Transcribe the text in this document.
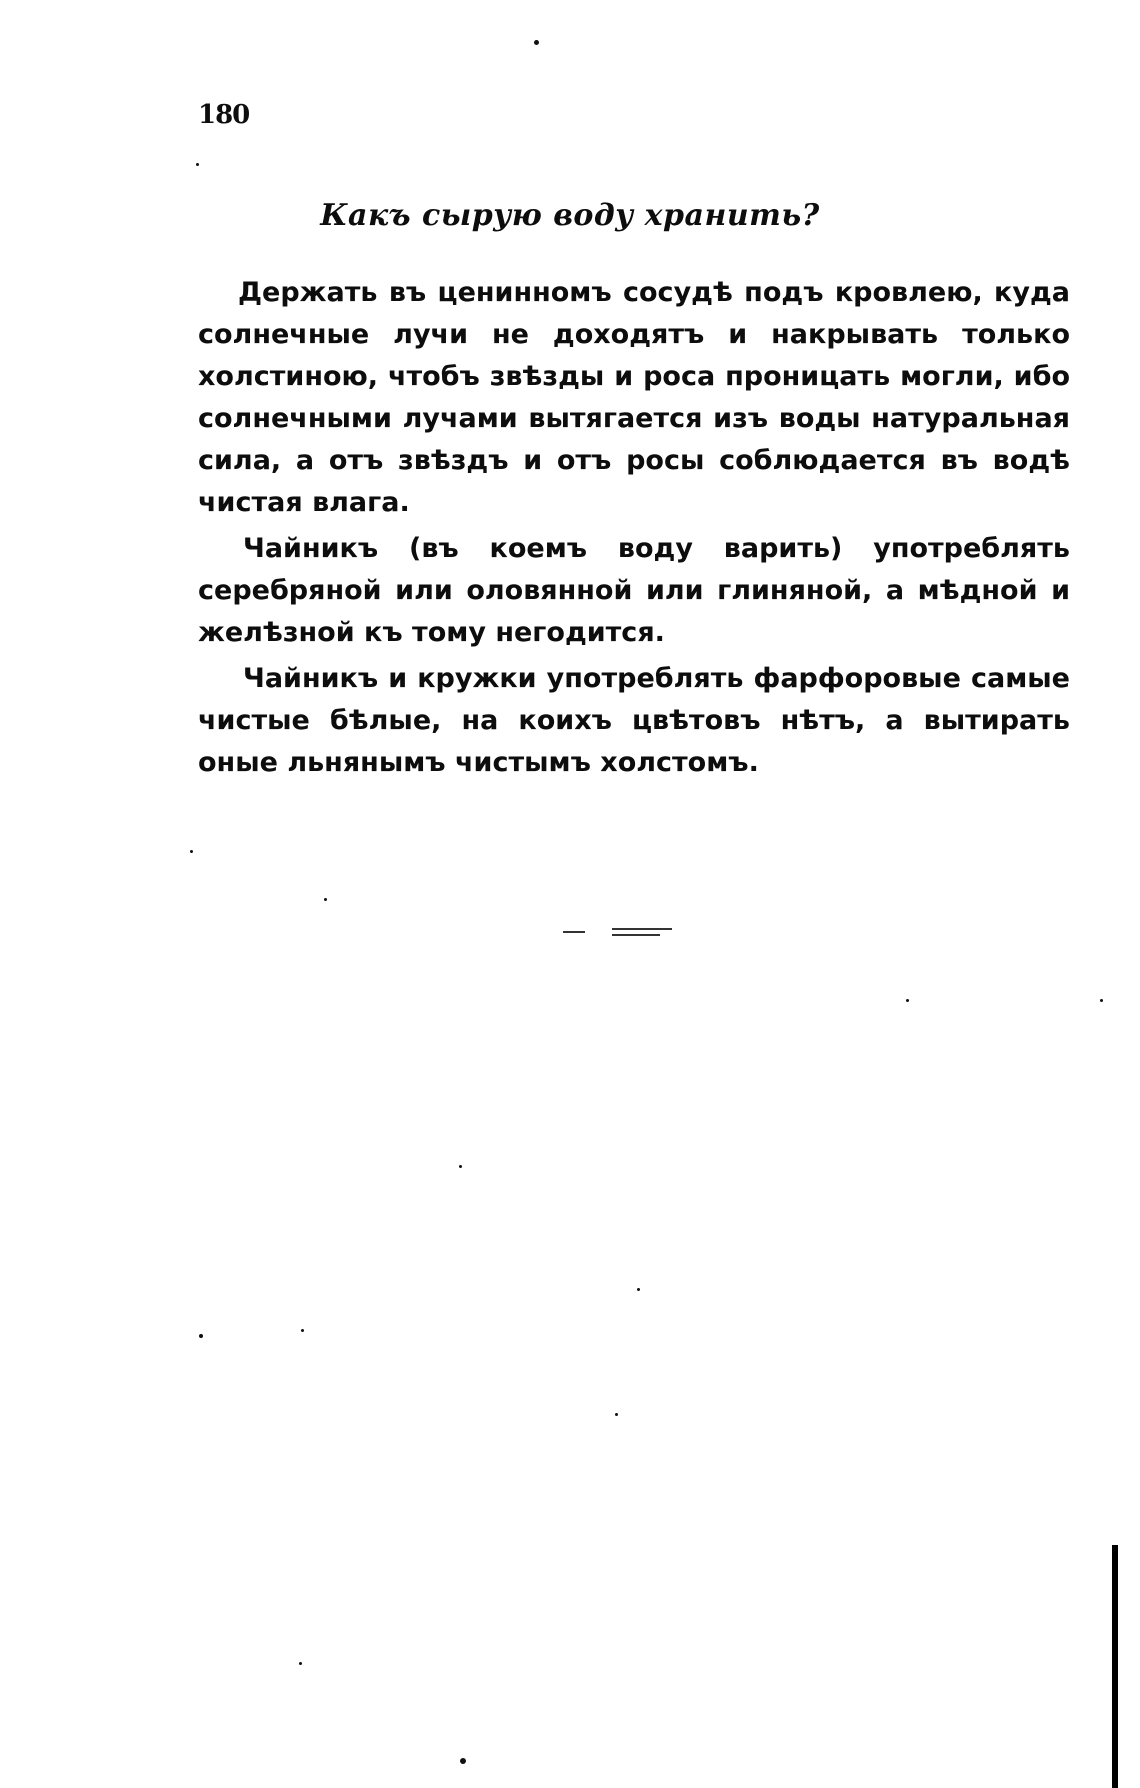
180
Какъ сырую воду хранить?

Держать въ ценинномъ сосудѣ подъ кровлею, куда солнечные лучи не доходятъ и накрывать только холстиною, чтобъ звѣзды и роса проницать могли, ибо солнечными лучами вытягается изъ воды натуральная сила, а отъ звѣздъ и отъ росы соблюдается въ водѣ чистая влага.

Чайникъ (въ коемъ воду варить) употреблять серебряной или оловянной или глиняной, а мѣдной и желѣзной къ тому негодится.

Чайникъ и кружки употреблять фарфоровые самые чистые бѣлые, на коихъ цвѣтовъ нѣтъ, а вытирать оные льнянымъ чистымъ холстомъ.
